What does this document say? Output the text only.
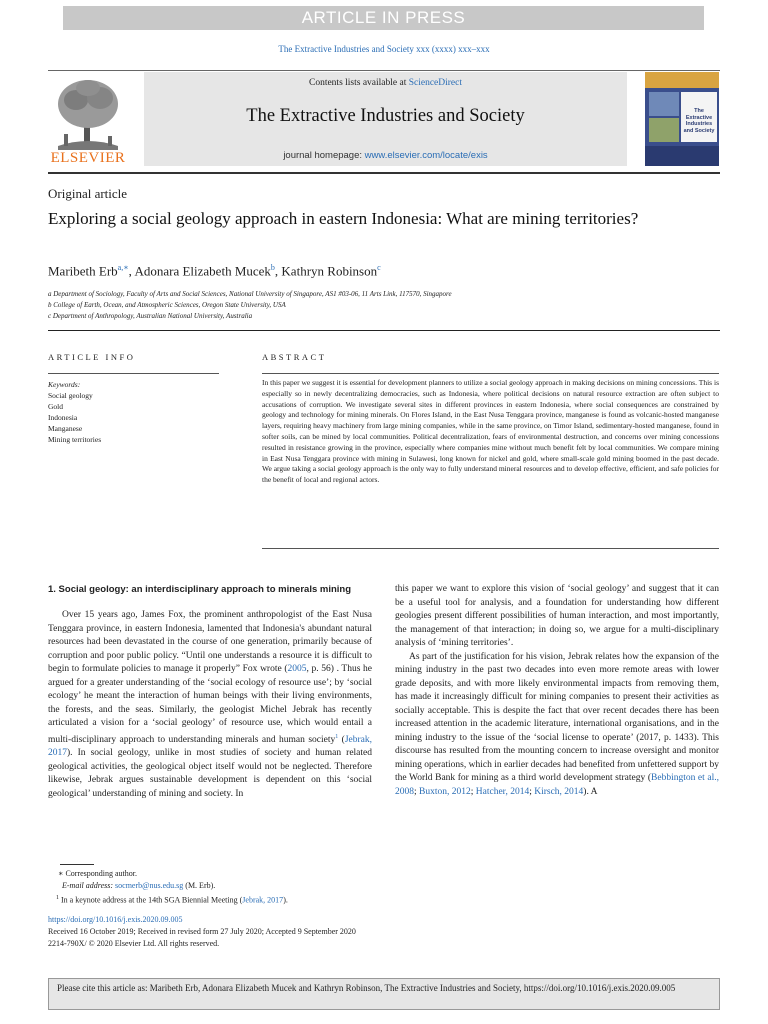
ARTICLE IN PRESS
The Extractive Industries and Society xxx (xxxx) xxx–xxx
ELSEVIER
Contents lists available at ScienceDirect
The Extractive Industries and Society
journal homepage: www.elsevier.com/locate/exis
The Extractive Industries and Society
Original article
Exploring a social geology approach in eastern Indonesia: What are mining territories?
Maribeth Erb$^{a,∗}$, Adonara Elizabeth Mucek$^b$, Kathryn Robinson$^c$
a Department of Sociology, Faculty of Arts and Social Sciences, National University of Singapore, AS1 #03-06, 11 Arts Link, 117570, Singapore
b College of Earth, Ocean, and Atmospheric Sciences, Oregon State University, USA
c Department of Anthropology, Australian National University, Australia
ARTICLE INFO
Keywords:
Social geology
Gold
Indonesia
Manganese
Mining territories
ABSTRACT
In this paper we suggest it is essential for development planners to utilize a social geology approach in making decisions on mining concessions. This is especially so in newly decentralizing democracies, such as Indonesia, where political decisions on natural resource extraction are often subject to accusations of corruption. We investigate several sites in different provinces in eastern Indonesia, where social consequences are constrained by geology and technology for mining minerals. On Flores Island, in the East Nusa Tenggara province, manganese is found as volcanic-hosted manganese layers, requiring heavy machinery from large mining companies, while in the same province, on Timor Island, sedimentary-hosted manganese, found in softer soils, can be mined by local communities. Political decentralization, fears of environmental destruction, and concerns over mining concessions resulted in resistance growing in the province, especially where companies mine without much benefit felt by local communities. We compare mining in East Nusa Tenggara province with mining in Sulawesi, long known for nickel and gold, where small-scale gold mining boomed in the past decade. We argue taking a social geology approach is the only way to fully understand mineral resources and to develop effective, efficient, and safe policies for the benefit of local and regional actors.

1. Social geology: an interdisciplinary approach to minerals mining

Over 15 years ago, James Fox, the prominent anthropologist of the East Nusa Tenggara province, in eastern Indonesia, lamented that Indonesia's abundant natural resources had been devastated in the course of one generation, primarily because of corruption and poor public policy. “Until one understands a resource it is difficult to begin to formulate policies to manage it properly” Fox wrote (2005, p. 56) . Thus he argued for a greater understanding of the ‘social ecology of resource use’; by ‘social ecology’ he meant the interaction of human beings with their living environments, the forests, and the seas. Similarly, the geologist Michel Jebrak has recently articulated a vision for a ‘social geology’ of resource use, which would entail a multi-disciplinary approach to understanding minerals and human society$^1$ (Jebrak, 2017). In social geology, unlike in most studies of society and human related geological activities, the geological object itself would not be neglected. Therefore likewise, Jebrak argues sustainable development is dependent on this ‘social geological’ understanding of mining and society. In

this paper we want to explore this vision of ‘social geology’ and suggest that it can be a useful tool for analysis, and a foundation for understanding how different geologies present different possibilities of human interaction, and most importantly, the management of that interaction; in doing so, we argue for a multi-disciplinary analysis of ‘mining territories’.

As part of the justification for his vision, Jebrak relates how the expansion of the mining industry in the past two decades into even more remote areas with lower grade deposits, and with more likely environmental impacts from removing them, has made it increasingly difficult for mining companies to present their activities as socially acceptable. This is despite the fact that over recent decades there has been increased attention in the academic literature, international organisations, and in the mining industry to the issue of the ‘social license to operate’ (2017, p. 1433). This discourse has resulted from the mounting concern to increase oversight and monitor mining operations, which in earlier decades had benefited from unfettered support by the World Bank for mining as a third world development strategy (Bebbington et al., 2008; Buxton, 2012; Hatcher, 2014; Kirsch, 2014). A

∗ Corresponding author.
E-mail address: socmerb@nus.edu.sg (M. Erb).
$^1$ In a keynote address at the 14th SGA Biennial Meeting (Jebrak, 2017).
https://doi.org/10.1016/j.exis.2020.09.005
Received 16 October 2019; Received in revised form 27 July 2020; Accepted 9 September 2020
2214-790X/ © 2020 Elsevier Ltd. All rights reserved.
Please cite this article as: Maribeth Erb, Adonara Elizabeth Mucek and Kathryn Robinson, The Extractive Industries and Society, https://doi.org/10.1016/j.exis.2020.09.005
